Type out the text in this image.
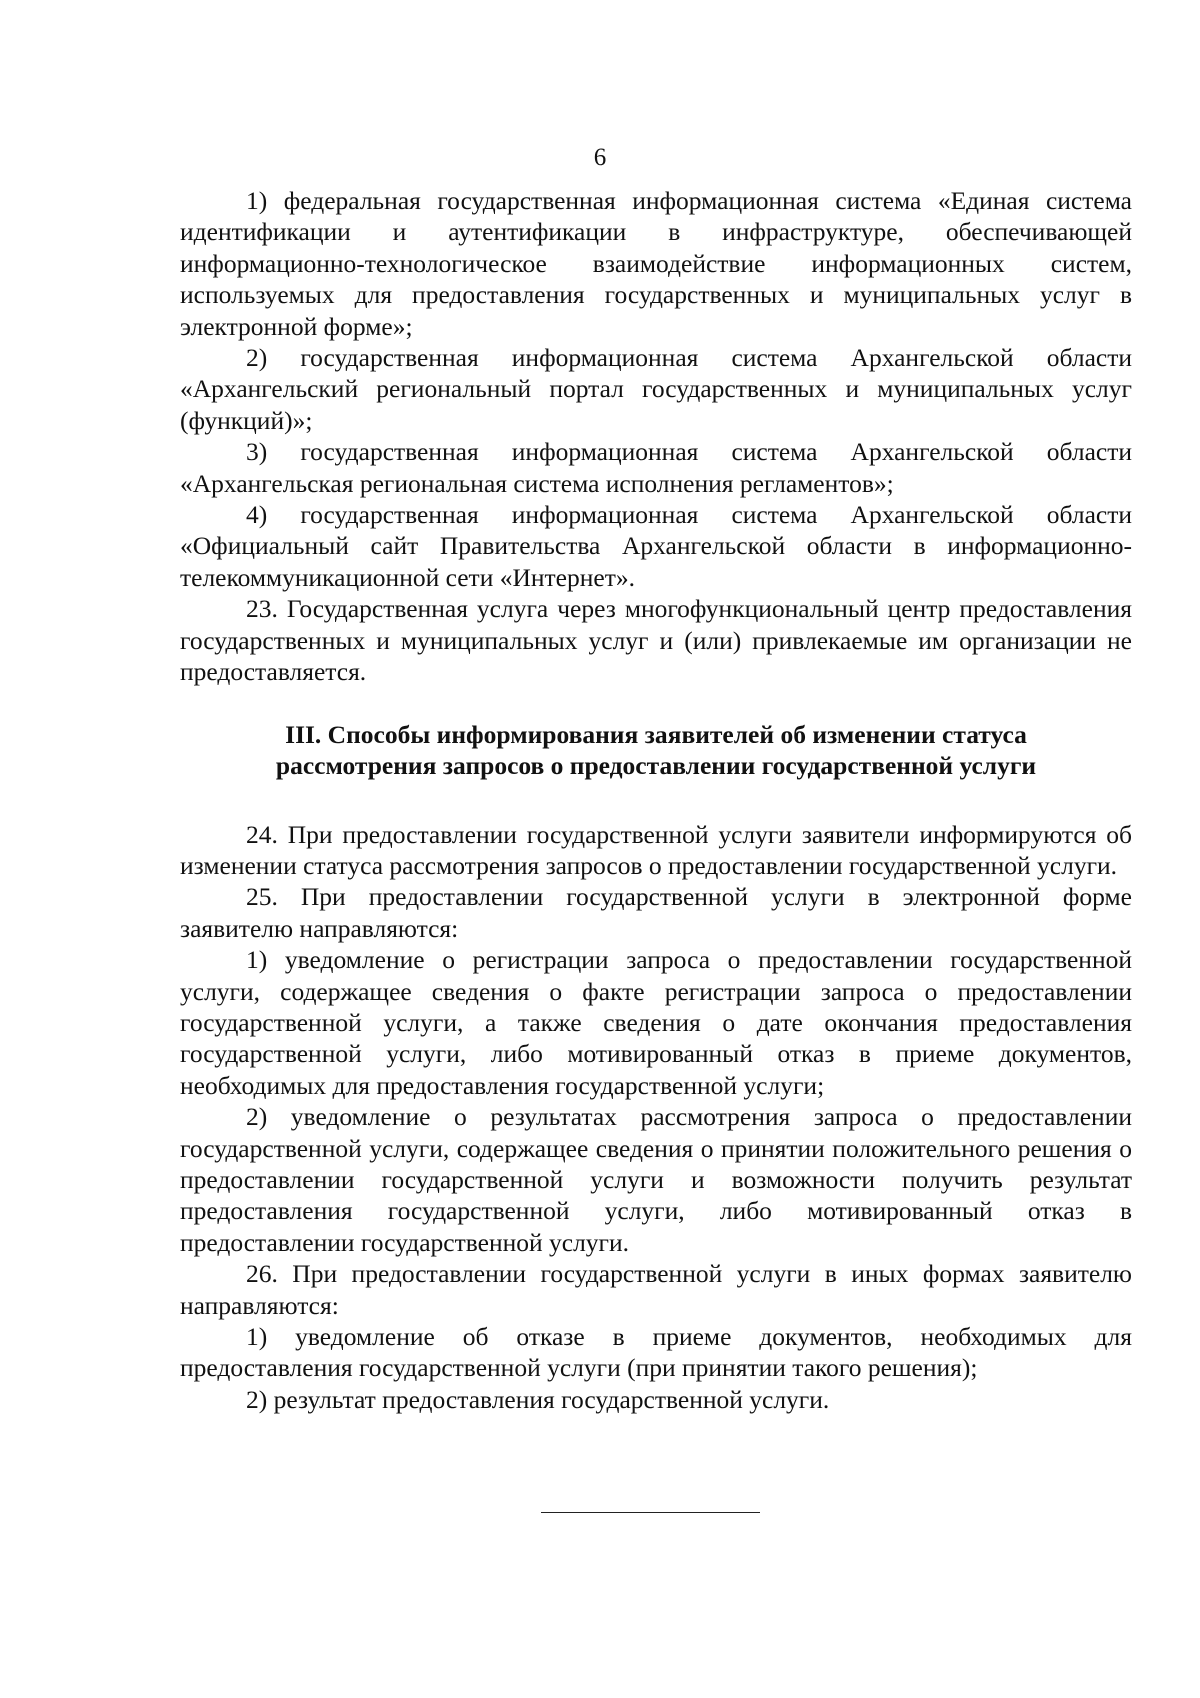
6

1) федеральная государственная информационная система «Единая система идентификации и аутентификации в инфраструктуре, обеспечивающей информационно-технологическое взаимодействие информационных систем, используемых для предоставления государственных и муниципальных услуг в электронной форме»;

2) государственная информационная система Архангельской области «Архангельский региональный портал государственных и муниципальных услуг (функций)»;

3) государственная информационная система Архангельской области «Архангельская региональная система исполнения регламентов»;

4) государственная информационная система Архангельской области «Официальный сайт Правительства Архангельской области в информационно-телекоммуникационной сети «Интернет».

23. Государственная услуга через многофункциональный центр предоставления государственных и муниципальных услуг и (или) привлекаемые им организации не предоставляется.

III. Способы информирования заявителей об изменении статуса
рассмотрения запросов о предоставлении государственной услуги

24. При предоставлении государственной услуги заявители информируются об изменении статуса рассмотрения запросов о предоставлении государственной услуги.

25. При предоставлении государственной услуги в электронной форме заявителю направляются:

1) уведомление о регистрации запроса о предоставлении государственной услуги, содержащее сведения о факте регистрации запроса о предоставлении государственной услуги, а также сведения о дате окончания предоставления государственной услуги, либо мотивированный отказ в приеме документов, необходимых для предоставления государственной услуги;

2) уведомление о результатах рассмотрения запроса о предоставлении государственной услуги, содержащее сведения о принятии положительного решения о предоставлении государственной услуги и возможности получить результат предоставления государственной услуги, либо мотивированный отказ в предоставлении государственной услуги.

26. При предоставлении государственной услуги в иных формах заявителю направляются:

1) уведомление об отказе в приеме документов, необходимых для предоставления государственной услуги (при принятии такого решения);

2) результат предоставления государственной услуги.
